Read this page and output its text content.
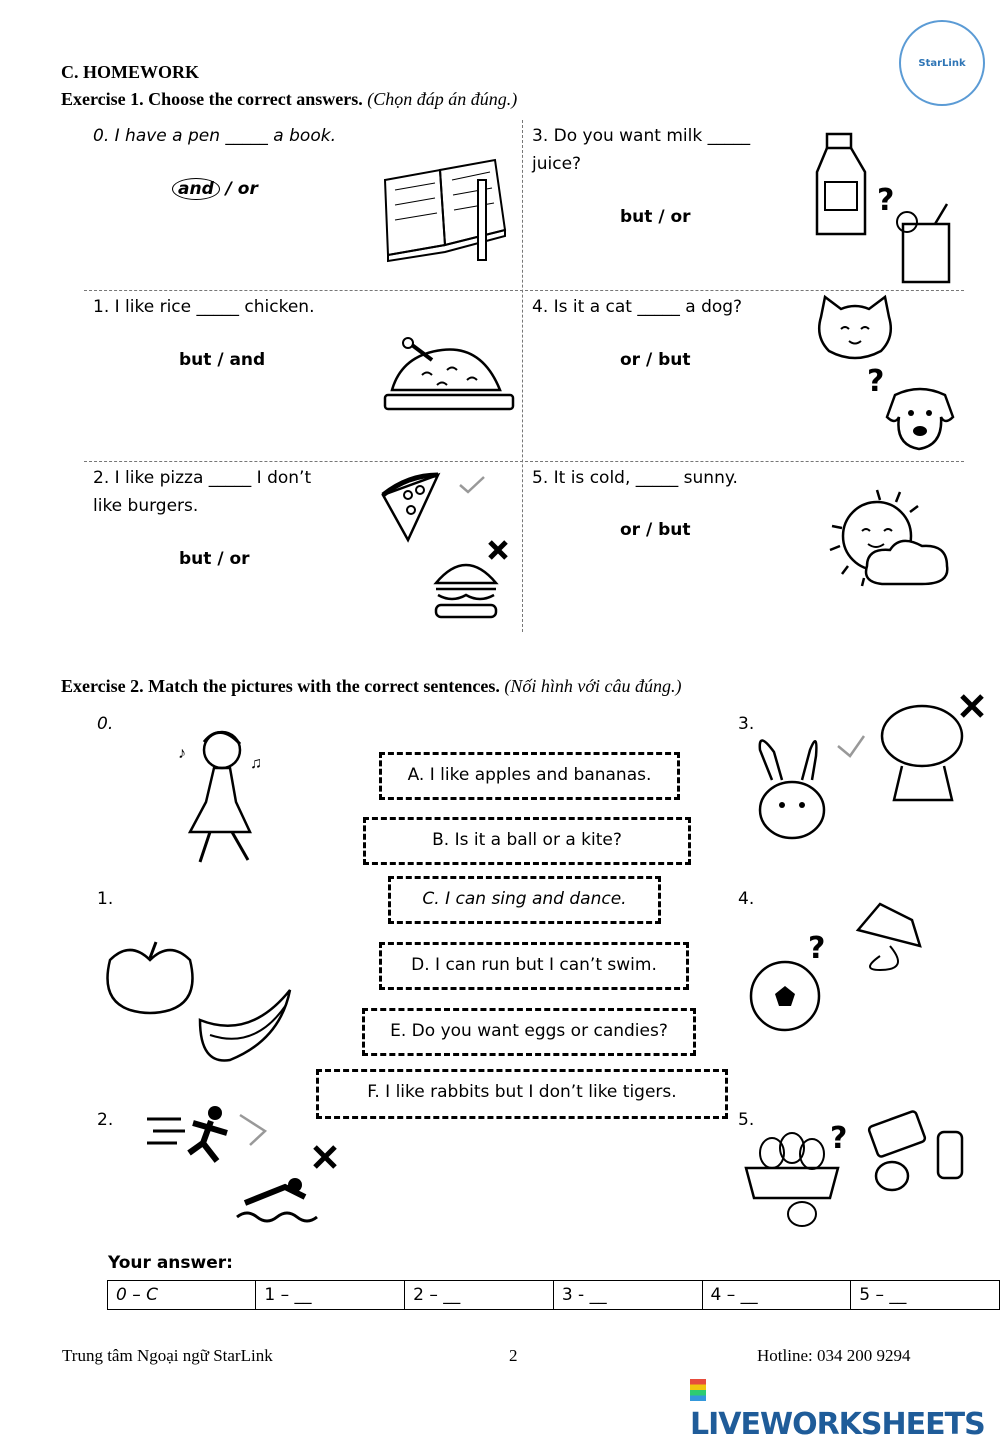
C. HOMEWORK	StarLink
Exercise 1. Choose the correct answers. (Chọn đáp án đúng.)
0. I have a pen _____ a book.
and / or
1. I like rice _____ chicken.
but / and
2. I like pizza _____ I don’t
like burgers.
but / or
3. Do you want milk _____
juice?
but / or	?
4. Is it a cat _____ a dog?
or / but
?
5. It is cold, _____ sunny.
or / but
Exercise 2. Match the pictures with the correct sentences. (Nối hình với câu đúng.)
0.
1.
2.
3.
4.
5.
A. I like apples and bananas.
B. Is it a ball or a kite?
C. I can sing and dance.
D. I can run but I can’t swim.
E. Do you want eggs or candies?
F. I like rabbits but I don’t like tigers.
♪
♫
?
?
Your answer:
0 – C	1 – __	2 – __	3 - __	4 – __	5 – __
Trung tâm Ngoại ngữ StarLink	2	Hotline: 034 200 9294
LIVEWORKSHEETS
